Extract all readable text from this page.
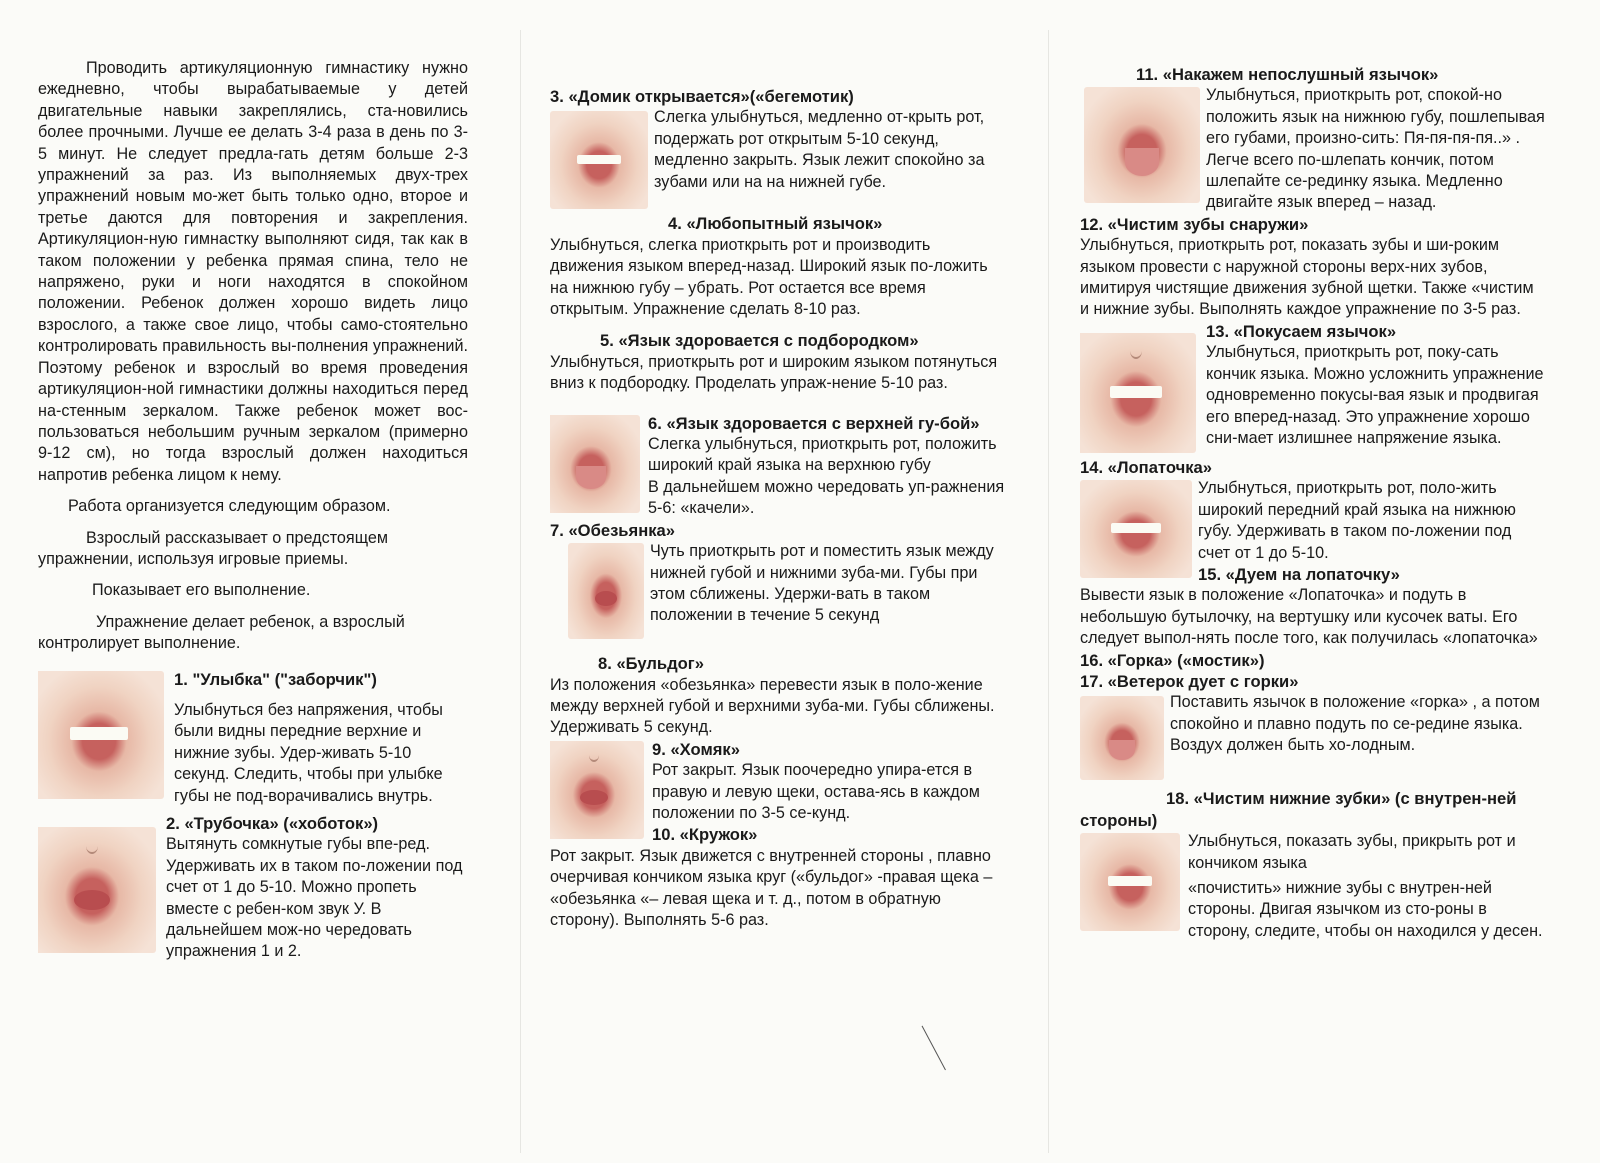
Проводить артикуляционную гимнастику нужно ежедневно, чтобы вырабатываемые у детей двигательные навыки закреплялись, ста-новились более прочными. Лучше ее делать 3-4 раза в день по 3-5 минут. Не следует предла-гать детям больше 2-3 упражнений за раз. Из выполняемых двух-трех упражнений новым мо-жет быть только одно, второе и третье даются для повторения и закрепления. Артикуляцион-ную гимнастку выполняют сидя, так как в таком положении у ребенка прямая спина, тело не напряжено, руки и ноги находятся в спокойном положении. Ребенок должен хорошо видеть лицо взрослого, а также свое лицо, чтобы само-стоятельно контролировать правильность вы-полнения упражнений. Поэтому ребенок и взрослый во время проведения артикуляцион-ной гимнастики должны находиться перед на-стенным зеркалом. Также ребенок может вос-пользоваться небольшим ручным зеркалом (примерно 9-12 см), но тогда взрослый должен находиться напротив ребенка лицом к нему.

Работа организуется следующим образом.

Взрослый рассказывает о предстоящем упражнении, используя игровые приемы.

Показывает его выполнение.

Упражнение делает ребенок, а взрослый контролирует выполнение.

1. "Улыбка" ("заборчик")

Улыбнуться без напряжения, чтобы были видны передние верхние и нижние зубы. Удер-живать 5-10 секунд. Следить, чтобы при улыбке губы не под-ворачивались внутрь.

2. «Трубочка» («хоботок»)

Вытянуть сомкнутые губы впе-ред. Удерживать их в таком по-ложении под счет от 1 до 5-10. Можно пропеть вместе с ребен-ком звук У. В дальнейшем мож-но чередовать упражнения 1 и 2.

3. «Домик открывается»(«бегемотик)

Слегка улыбнуться, медленно от-крыть рот, подержать рот открытым 5-10 секунд, медленно закрыть. Язык лежит спокойно за зубами или на на нижней губе.

4. «Любопытный язычок»

Улыбнуться, слегка приоткрыть рот и производить движения языком вперед-назад. Широкий язык по-ложить на нижнюю губу – убрать. Рот остается все время открытым. Упражнение сделать 8-10 раз.

5. «Язык здоровается с подбородком»

Улыбнуться, приоткрыть рот и широким языком потянуться вниз к подбородку. Проделать упраж-нение 5-10 раз.

6. «Язык здоровается с верхней гу-бой»

Слегка улыбнуться, приоткрыть рот, положить широкий край языка на верхнюю губу

В дальнейшем можно чередовать уп-ражнения 5-6: «качели».

7. «Обезьянка»

Чуть приоткрыть рот и поместить язык между нижней губой и нижними зуба-ми. Губы при этом сближены. Удержи-вать в таком положении в течение 5 секунд

8. «Бульдог»

Из положения «обезьянка» перевести язык в поло-жение между верхней губой и верхними зуба-ми. Губы сближены. Удерживать 5 секунд.

9. «Хомяк»

Рот закрыт. Язык поочередно упира-ется в правую и левую щеки, остава-ясь в каждом положении по 3-5 се-кунд.

10. «Кружок»

Рот закрыт. Язык движется с внутренней стороны , плавно очерчивая кончиком языка круг («бульдог» -правая щека – «обезьянка «– левая щека и т. д., потом в обратную сторону). Выполнять 5-6 раз.

11. «Накажем непослушный язычок»

Улыбнуться, приоткрыть рот, спокой-но положить язык на нижнюю губу, пошлепывая его губами, произно-сить: Пя-пя-пя-пя..» . Легче всего по-шлепать кончик, потом шлепайте се-рединку языка. Медленно двигайте язык вперед – назад.

12. «Чистим зубы снаружи»

Улыбнуться, приоткрыть рот, показать зубы и ши-роким языком провести с наружной стороны верх-них зубов, имитируя чистящие движения зубной щетки. Также «чистим и нижние зубы. Выполнять каждое упражнение по 3-5 раз.

13. «Покусаем язычок»

Улыбнуться, приоткрыть рот, поку-сать кончик языка. Можно усложнить упражнение одновременно покусы-вая язык и продвигая его вперед-назад. Это упражнение хорошо сни-мает излишнее напряжение языка.

14. «Лопаточка»

Улыбнуться, приоткрыть рот, поло-жить широкий передний край языка на нижнюю губу. Удерживать в таком по-ложении под счет от 1 до 5-10.

15. «Дуем на лопаточку»

Вывести язык в положение «Лопаточка» и подуть в небольшую бутылочку, на вертушку или кусочек ваты. Его следует выпол-нять после того, как получилась «лопаточка»

16. «Горка» («мостик»)
17. «Ветерок дует с горки»

Поставить язычок в положение «горка» , а потом спокойно и плавно подуть по се-редине языка. Воздух должен быть хо-лодным.

18. «Чистим нижние зубки» (с внутрен-ней стороны)

Улыбнуться, показать зубы, прикрыть рот и кончиком языка

«почистить» нижние зубы с внутрен-ней стороны. Двигая язычком из сто-роны в сторону, следите, чтобы он находился у десен.
